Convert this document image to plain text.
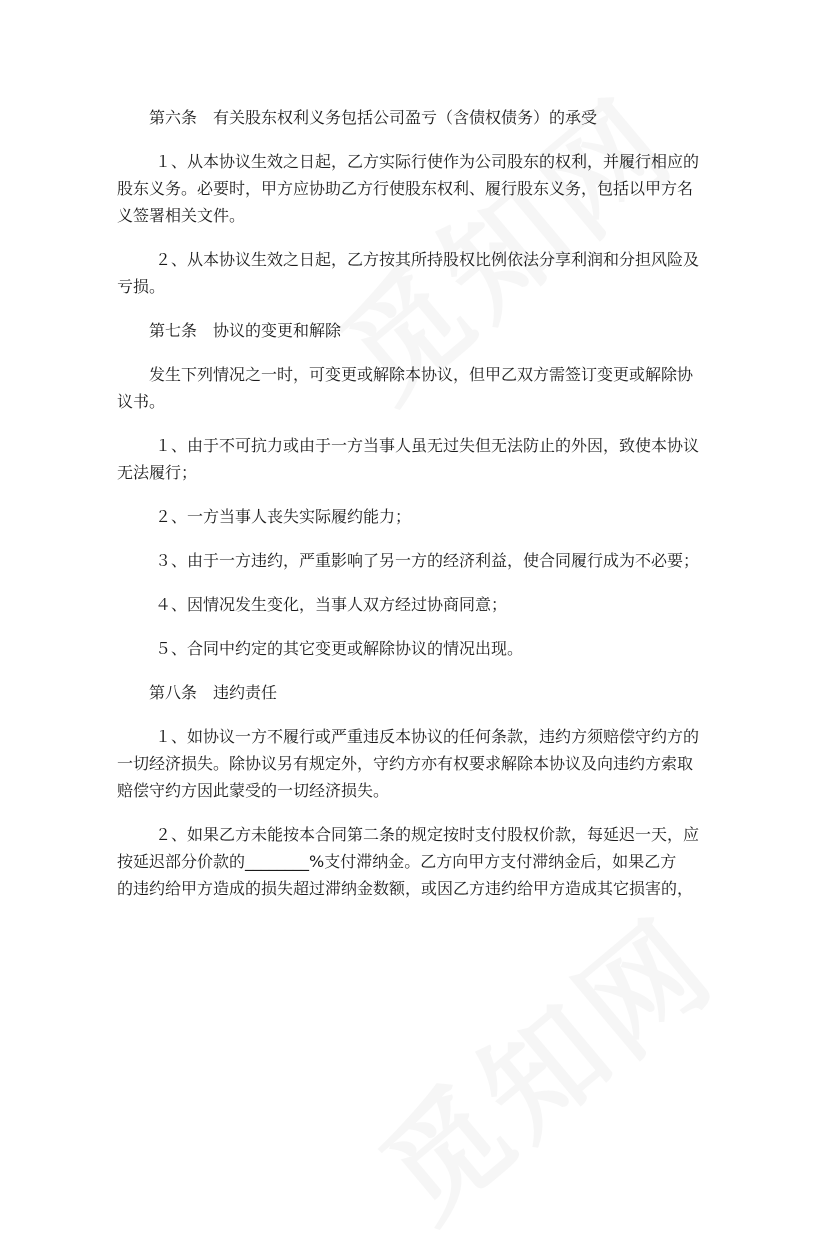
第六条 有关股东权利义务包括公司盈亏（含债权债务）的承受
１、从本协议生效之日起，乙方实际行使作为公司股东的权利，并履行相应的
股东义务。必要时，甲方应协助乙方行使股东权利、履行股东义务，包括以甲方名
义签署相关文件。
２、从本协议生效之日起，乙方按其所持股权比例依法分享利润和分担风险及
亏损。
第七条 协议的变更和解除
发生下列情况之一时，可变更或解除本协议，但甲乙双方需签订变更或解除协
议书。
１、由于不可抗力或由于一方当事人虽无过失但无法防止的外因，致使本协议
无法履行；
２、一方当事人丧失实际履约能力；
３、由于一方违约，严重影响了另一方的经济利益，使合同履行成为不必要；
４、因情况发生变化，当事人双方经过协商同意；
５、合同中约定的其它变更或解除协议的情况出现。
第八条 违约责任
１、如协议一方不履行或严重违反本协议的任何条款，违约方须赔偿守约方的
一切经济损失。除协议另有规定外，守约方亦有权要求解除本协议及向违约方索取
赔偿守约方因此蒙受的一切经济损失。
２、如果乙方未能按本合同第二条的规定按时支付股权价款，每延迟一天，应
按延迟部分价款的________%支付滞纳金。乙方向甲方支付滞纳金后，如果乙方
的违约给甲方造成的损失超过滞纳金数额，或因乙方违约给甲方造成其它损害的，
